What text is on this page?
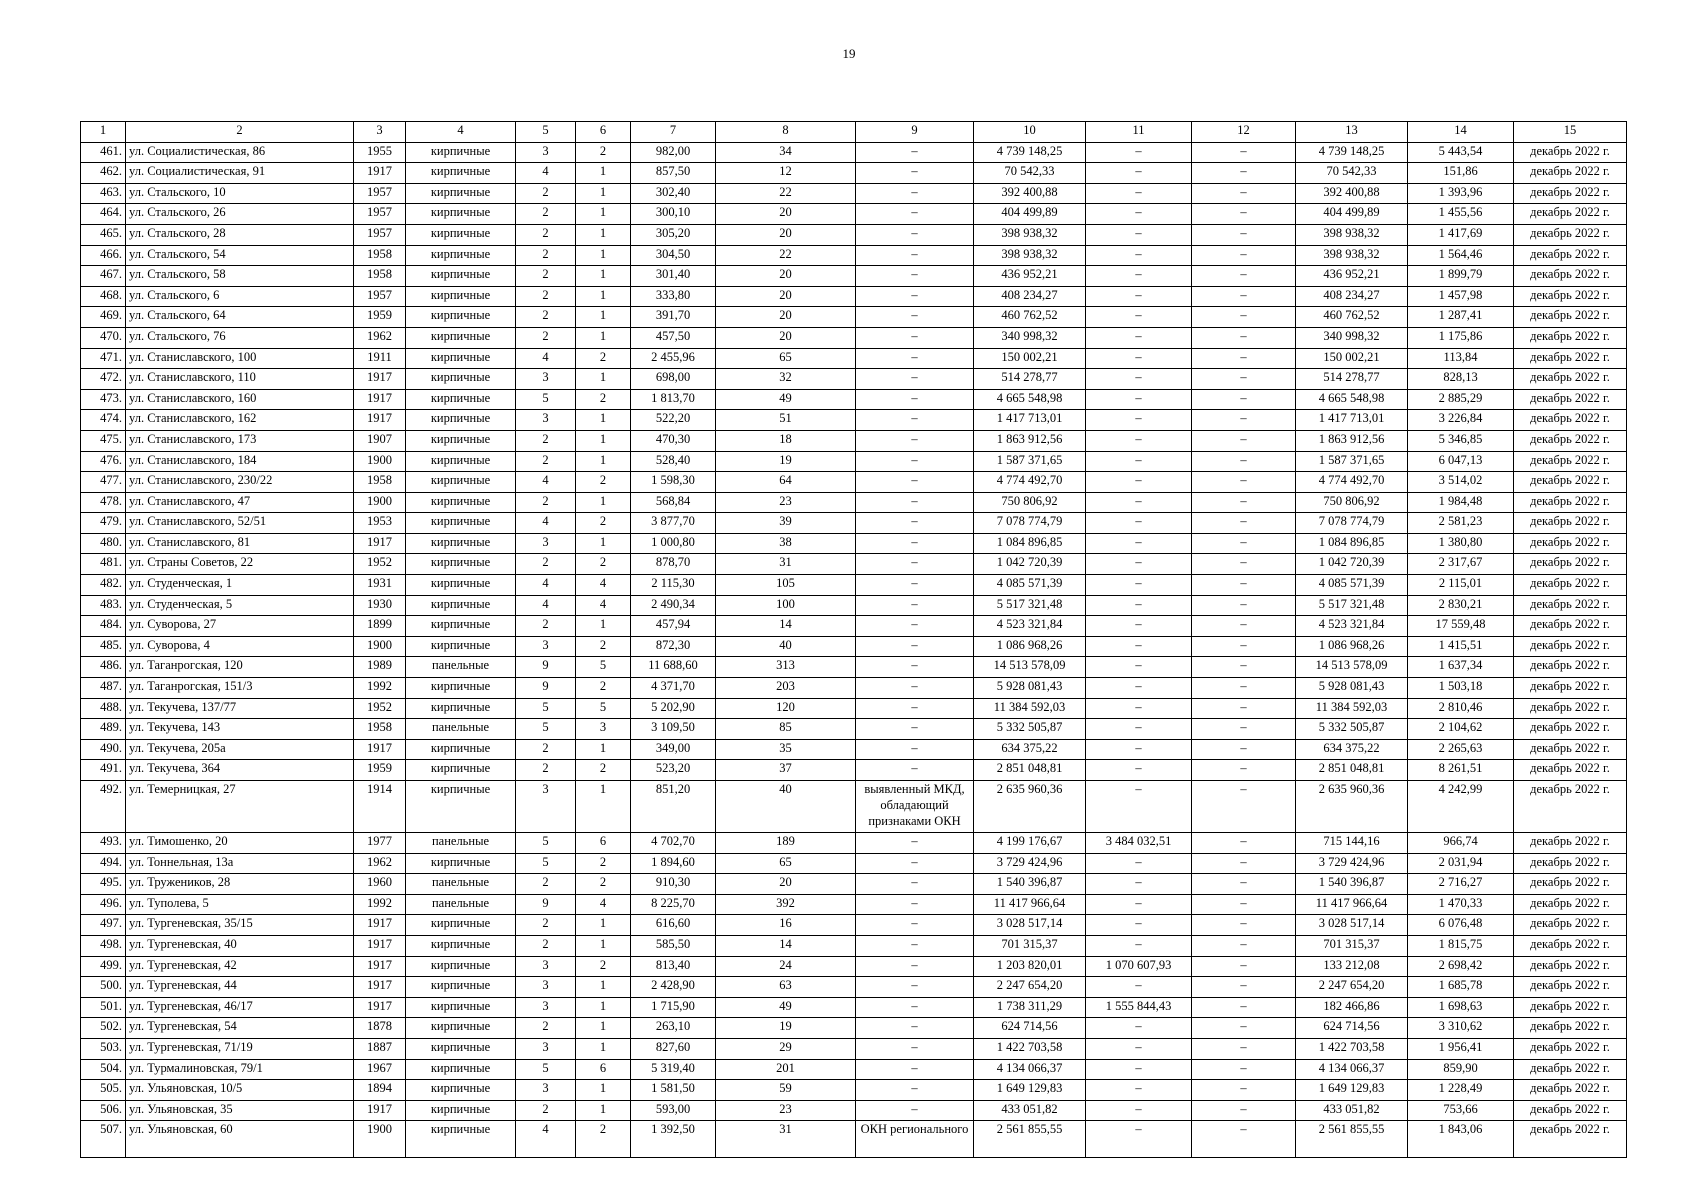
19
1	2	3	4	5	6	7	8	9	10	11	12	13	14	15
461.	ул. Социалистическая, 86	1955	кирпичные	3	2	982,00	34	–	4 739 148,25	–	–	4 739 148,25	5 443,54	декабрь 2022 г.
462.	ул. Социалистическая, 91	1917	кирпичные	4	1	857,50	12	–	70 542,33	–	–	70 542,33	151,86	декабрь 2022 г.
463.	ул. Стальского, 10	1957	кирпичные	2	1	302,40	22	–	392 400,88	–	–	392 400,88	1 393,96	декабрь 2022 г.
464.	ул. Стальского, 26	1957	кирпичные	2	1	300,10	20	–	404 499,89	–	–	404 499,89	1 455,56	декабрь 2022 г.
465.	ул. Стальского, 28	1957	кирпичные	2	1	305,20	20	–	398 938,32	–	–	398 938,32	1 417,69	декабрь 2022 г.
466.	ул. Стальского, 54	1958	кирпичные	2	1	304,50	22	–	398 938,32	–	–	398 938,32	1 564,46	декабрь 2022 г.
467.	ул. Стальского, 58	1958	кирпичные	2	1	301,40	20	–	436 952,21	–	–	436 952,21	1 899,79	декабрь 2022 г.
468.	ул. Стальского, 6	1957	кирпичные	2	1	333,80	20	–	408 234,27	–	–	408 234,27	1 457,98	декабрь 2022 г.
469.	ул. Стальского, 64	1959	кирпичные	2	1	391,70	20	–	460 762,52	–	–	460 762,52	1 287,41	декабрь 2022 г.
470.	ул. Стальского, 76	1962	кирпичные	2	1	457,50	20	–	340 998,32	–	–	340 998,32	1 175,86	декабрь 2022 г.
471.	ул. Станиславского, 100	1911	кирпичные	4	2	2 455,96	65	–	150 002,21	–	–	150 002,21	113,84	декабрь 2022 г.
472.	ул. Станиславского, 110	1917	кирпичные	3	1	698,00	32	–	514 278,77	–	–	514 278,77	828,13	декабрь 2022 г.
473.	ул. Станиславского, 160	1917	кирпичные	5	2	1 813,70	49	–	4 665 548,98	–	–	4 665 548,98	2 885,29	декабрь 2022 г.
474.	ул. Станиславского, 162	1917	кирпичные	3	1	522,20	51	–	1 417 713,01	–	–	1 417 713,01	3 226,84	декабрь 2022 г.
475.	ул. Станиславского, 173	1907	кирпичные	2	1	470,30	18	–	1 863 912,56	–	–	1 863 912,56	5 346,85	декабрь 2022 г.
476.	ул. Станиславского, 184	1900	кирпичные	2	1	528,40	19	–	1 587 371,65	–	–	1 587 371,65	6 047,13	декабрь 2022 г.
477.	ул. Станиславского, 230/22	1958	кирпичные	4	2	1 598,30	64	–	4 774 492,70	–	–	4 774 492,70	3 514,02	декабрь 2022 г.
478.	ул. Станиславского, 47	1900	кирпичные	2	1	568,84	23	–	750 806,92	–	–	750 806,92	1 984,48	декабрь 2022 г.
479.	ул. Станиславского, 52/51	1953	кирпичные	4	2	3 877,70	39	–	7 078 774,79	–	–	7 078 774,79	2 581,23	декабрь 2022 г.
480.	ул. Станиславского, 81	1917	кирпичные	3	1	1 000,80	38	–	1 084 896,85	–	–	1 084 896,85	1 380,80	декабрь 2022 г.
481.	ул. Страны Советов, 22	1952	кирпичные	2	2	878,70	31	–	1 042 720,39	–	–	1 042 720,39	2 317,67	декабрь 2022 г.
482.	ул. Студенческая, 1	1931	кирпичные	4	4	2 115,30	105	–	4 085 571,39	–	–	4 085 571,39	2 115,01	декабрь 2022 г.
483.	ул. Студенческая, 5	1930	кирпичные	4	4	2 490,34	100	–	5 517 321,48	–	–	5 517 321,48	2 830,21	декабрь 2022 г.
484.	ул. Суворова, 27	1899	кирпичные	2	1	457,94	14	–	4 523 321,84	–	–	4 523 321,84	17 559,48	декабрь 2022 г.
485.	ул. Суворова, 4	1900	кирпичные	3	2	872,30	40	–	1 086 968,26	–	–	1 086 968,26	1 415,51	декабрь 2022 г.
486.	ул. Таганрогская, 120	1989	панельные	9	5	11 688,60	313	–	14 513 578,09	–	–	14 513 578,09	1 637,34	декабрь 2022 г.
487.	ул. Таганрогская, 151/3	1992	кирпичные	9	2	4 371,70	203	–	5 928 081,43	–	–	5 928 081,43	1 503,18	декабрь 2022 г.
488.	ул. Текучева, 137/77	1952	кирпичные	5	5	5 202,90	120	–	11 384 592,03	–	–	11 384 592,03	2 810,46	декабрь 2022 г.
489.	ул. Текучева, 143	1958	панельные	5	3	3 109,50	85	–	5 332 505,87	–	–	5 332 505,87	2 104,62	декабрь 2022 г.
490.	ул. Текучева, 205а	1917	кирпичные	2	1	349,00	35	–	634 375,22	–	–	634 375,22	2 265,63	декабрь 2022 г.
491.	ул. Текучева, 364	1959	кирпичные	2	2	523,20	37	–	2 851 048,81	–	–	2 851 048,81	8 261,51	декабрь 2022 г.
492.	ул. Темерницкая, 27	1914	кирпичные	3	1	851,20	40	выявленный МКД, обладающий признаками ОКН	2 635 960,36	–	–	2 635 960,36	4 242,99	декабрь 2022 г.
493.	ул. Тимошенко, 20	1977	панельные	5	6	4 702,70	189	–	4 199 176,67	3 484 032,51	–	715 144,16	966,74	декабрь 2022 г.
494.	ул. Тоннельная, 13а	1962	кирпичные	5	2	1 894,60	65	–	3 729 424,96	–	–	3 729 424,96	2 031,94	декабрь 2022 г.
495.	ул. Тружеников, 28	1960	панельные	2	2	910,30	20	–	1 540 396,87	–	–	1 540 396,87	2 716,27	декабрь 2022 г.
496.	ул. Туполева, 5	1992	панельные	9	4	8 225,70	392	–	11 417 966,64	–	–	11 417 966,64	1 470,33	декабрь 2022 г.
497.	ул. Тургеневская, 35/15	1917	кирпичные	2	1	616,60	16	–	3 028 517,14	–	–	3 028 517,14	6 076,48	декабрь 2022 г.
498.	ул. Тургеневская, 40	1917	кирпичные	2	1	585,50	14	–	701 315,37	–	–	701 315,37	1 815,75	декабрь 2022 г.
499.	ул. Тургеневская, 42	1917	кирпичные	3	2	813,40	24	–	1 203 820,01	1 070 607,93	–	133 212,08	2 698,42	декабрь 2022 г.
500.	ул. Тургеневская, 44	1917	кирпичные	3	1	2 428,90	63	–	2 247 654,20	–	–	2 247 654,20	1 685,78	декабрь 2022 г.
501.	ул. Тургеневская, 46/17	1917	кирпичные	3	1	1 715,90	49	–	1 738 311,29	1 555 844,43	–	182 466,86	1 698,63	декабрь 2022 г.
502.	ул. Тургеневская, 54	1878	кирпичные	2	1	263,10	19	–	624 714,56	–	–	624 714,56	3 310,62	декабрь 2022 г.
503.	ул. Тургеневская, 71/19	1887	кирпичные	3	1	827,60	29	–	1 422 703,58	–	–	1 422 703,58	1 956,41	декабрь 2022 г.
504.	ул. Турмалиновская, 79/1	1967	кирпичные	5	6	5 319,40	201	–	4 134 066,37	–	–	4 134 066,37	859,90	декабрь 2022 г.
505.	ул. Ульяновская, 10/5	1894	кирпичные	3	1	1 581,50	59	–	1 649 129,83	–	–	1 649 129,83	1 228,49	декабрь 2022 г.
506.	ул. Ульяновская, 35	1917	кирпичные	2	1	593,00	23	–	433 051,82	–	–	433 051,82	753,66	декабрь 2022 г.
507.	ул. Ульяновская, 60	1900	кирпичные	4	2	1 392,50	31	ОКН регионального	2 561 855,55	–	–	2 561 855,55	1 843,06	декабрь 2022 г.
